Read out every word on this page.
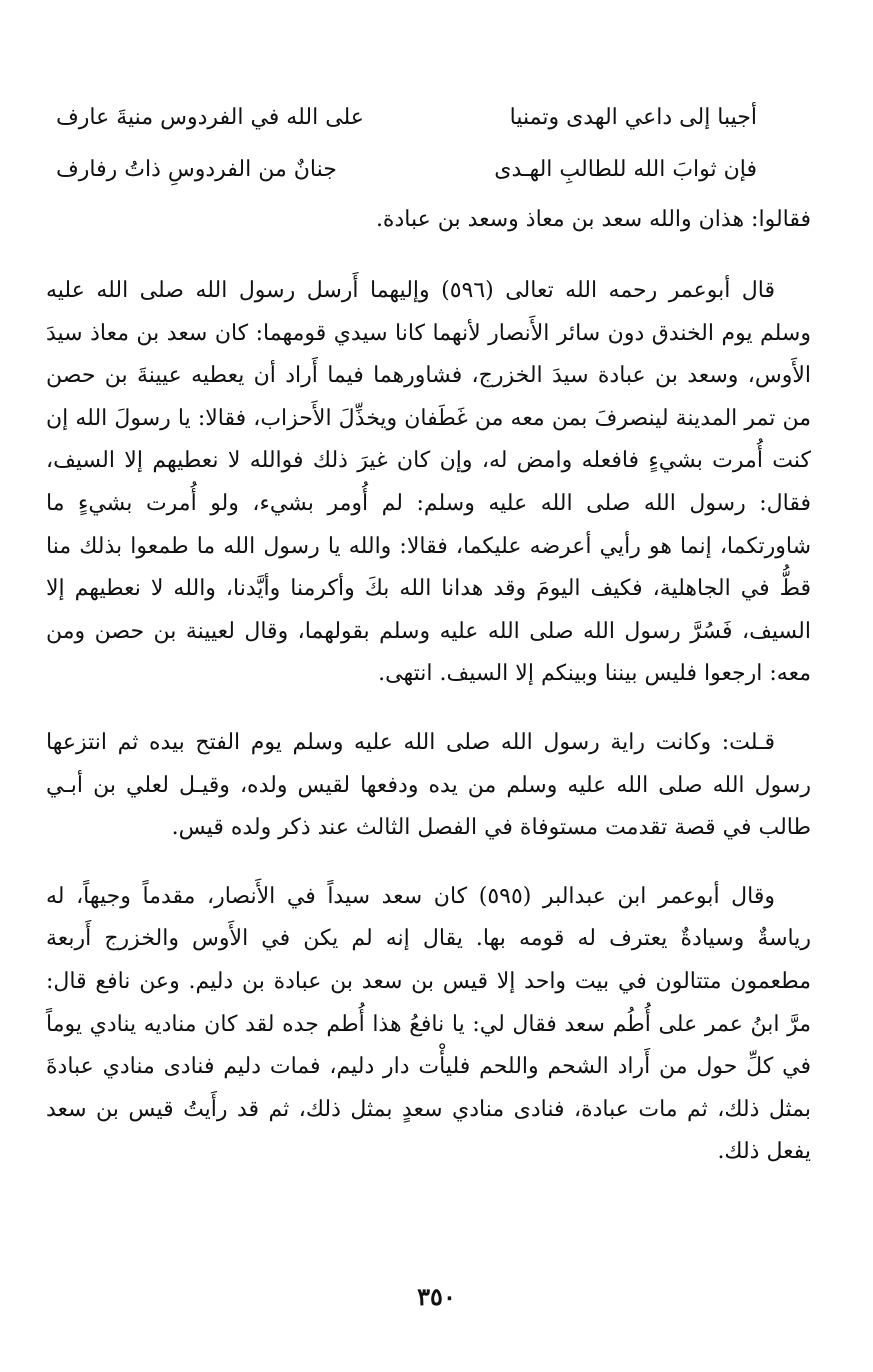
أجيبا إلى داعي الهدى وتمنيا
على الله في الفردوس منيةَ عارف
فإن ثوابَ الله للطالبِ الهـدى
جنانٌ من الفردوسِ ذاتُ رفارف
فقالوا: هذان والله سعد بن معاذ وسعد بن عبادة.

قال أبوعمر رحمه الله تعالى (٥٩٦) وإليهما أَرسل رسول الله صلى الله عليه وسلم يوم الخندق دون سائر الأَنصار لأنهما كانا سيدي قومهما: كان سعد بن معاذ سيدَ الأَوس، وسعد بن عبادة سيدَ الخزرج، فشاورهما فيما أَراد أن يعطيه عيينةَ بن حصن من تمر المدينة لينصرفَ بمن معه من غَطَفان ويخذِّلَ الأَحزاب، فقالا: يا رسولَ الله إن كنت أُمرت بشيءٍ فافعله وامض له، وإن كان غيرَ ذلك فوالله لا نعطيهم إلا السيف، فقال: رسول الله صلى الله عليه وسلم: لم أُومر بشيء، ولو أُمرت بشيءٍ ما شاورتكما، إنما هو رأيي أعرضه عليكما، فقالا: والله يا رسول الله ما طمعوا بذلك منا قطُّ في الجاهلية، فكيف اليومَ وقد هدانا الله بكَ وأكرمنا وأيَّدنا، والله لا نعطيهم إلا السيف، فَسُرَّ رسول الله صلى الله عليه وسلم بقولهما، وقال لعيينة بن حصن ومن معه: ارجعوا فليس بيننا وبينكم إلا السيف. انتهى.

قـلت: وكانت راية رسول الله صلى الله عليه وسلم يوم الفتح بيده ثم انتزعها رسول الله صلى الله عليه وسلم من يده ودفعها لقيس ولده، وقيـل لعلي بن أبـي طالب في قصة تقدمت مستوفاة في الفصل الثالث عند ذكر ولده قيس.

وقال أبوعمر ابن عبدالبر (٥٩٥) كان سعد سيداً في الأَنصار، مقدماً وجيهاً، له رياسةٌ وسيادةٌ يعترف له قومه بها. يقال إنه لم يكن في الأَوس والخزرج أَربعة مطعمون متتالون في بيت واحد إلا قيس بن سعد بن عبادة بن دليم. وعن نافع قال: مرَّ ابنُ عمر على أُطُم سعد فقال لي: يا نافعُ هذا أُطم جده لقد كان مناديه ينادي يوماً في كلِّ حول من أَراد الشحم واللحم فليأْت دار دليم، فمات دليم فنادى منادي عبادةَ بمثل ذلك، ثم مات عبادة، فنادى منادي سعدٍ بمثل ذلك، ثم قد رأَيتُ قيس بن سعد يفعل ذلك.

٣٥٠
